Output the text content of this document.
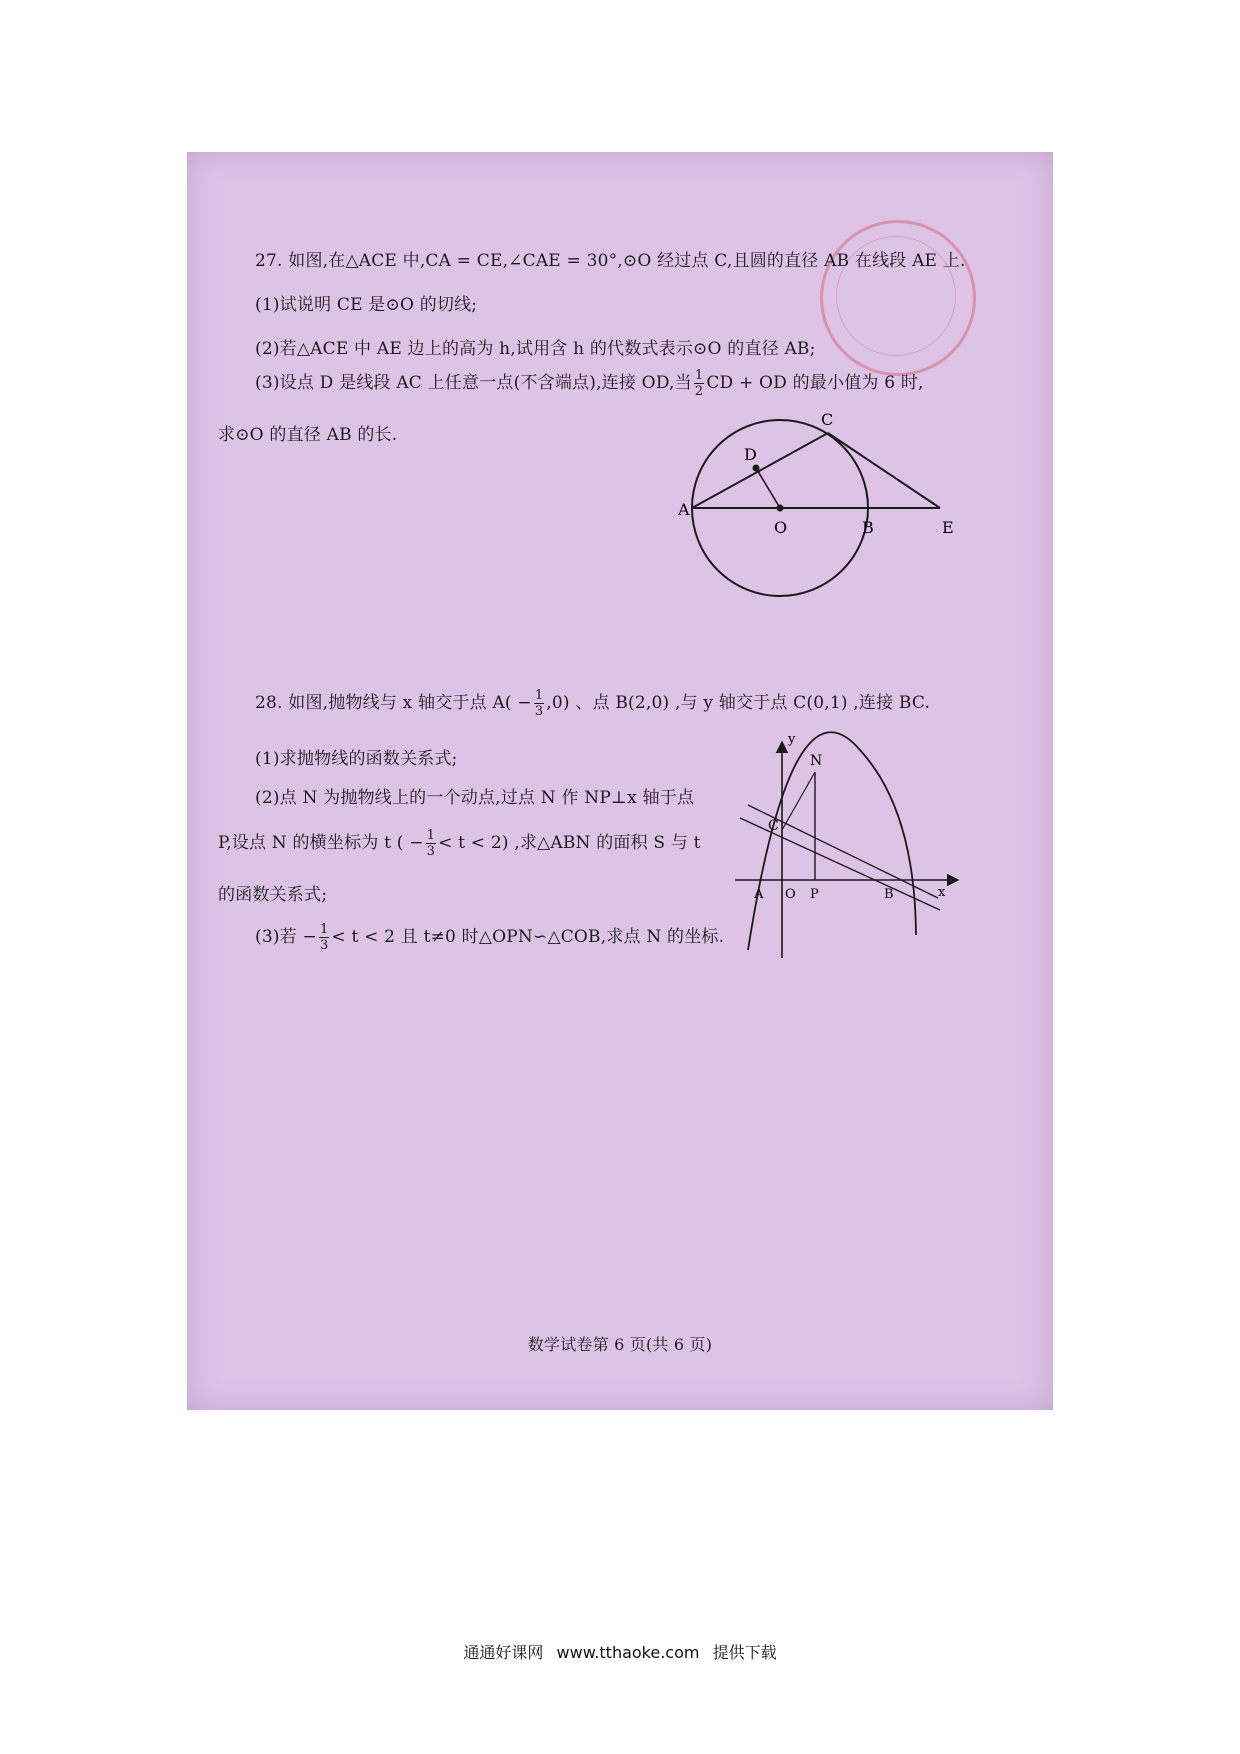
27. 如图,在△ACE 中,CA = CE,∠CAE = 30°,⊙O 经过点 C,且圆的直径 AB 在线段 AE 上.
(1)试说明 CE 是⊙O 的切线;
(2)若△ACE 中 AE 边上的高为 h,试用含 h 的代数式表示⊙O 的直径 AB;
(3)设点 D 是线段 AC 上任意一点(不含端点),连接 OD,当 $\frac{1}{2}$ CD + OD 的最小值为 6 时,
求⊙O 的直径 AB 的长.
A
O	B	E
C
D
28. 如图,抛物线与 x 轴交于点 $A( - \frac{1}{3} ,0)$ 、点 B(2,0) ,与 y 轴交于点 C(0,1) ,连接 BC.
(1)求抛物线的函数关系式;
(2)点 N 为抛物线上的一个动点,过点 N 作 NP⊥x 轴于点
P,设点 N 的横坐标为 t ( − $\frac{1}{3} < t < 2$) ,求△ABN 的面积 S 与 t
的函数关系式;
(3)若 − $\frac{1}{3} < t < 2$ 且 t≠0 时△OPN∽△COB,求点 N 的坐标.
y
x
N
C
A O P	B
数学试卷第 6 页(共 6 页)
通通好课网 www.tthaoke.com 提供下载
